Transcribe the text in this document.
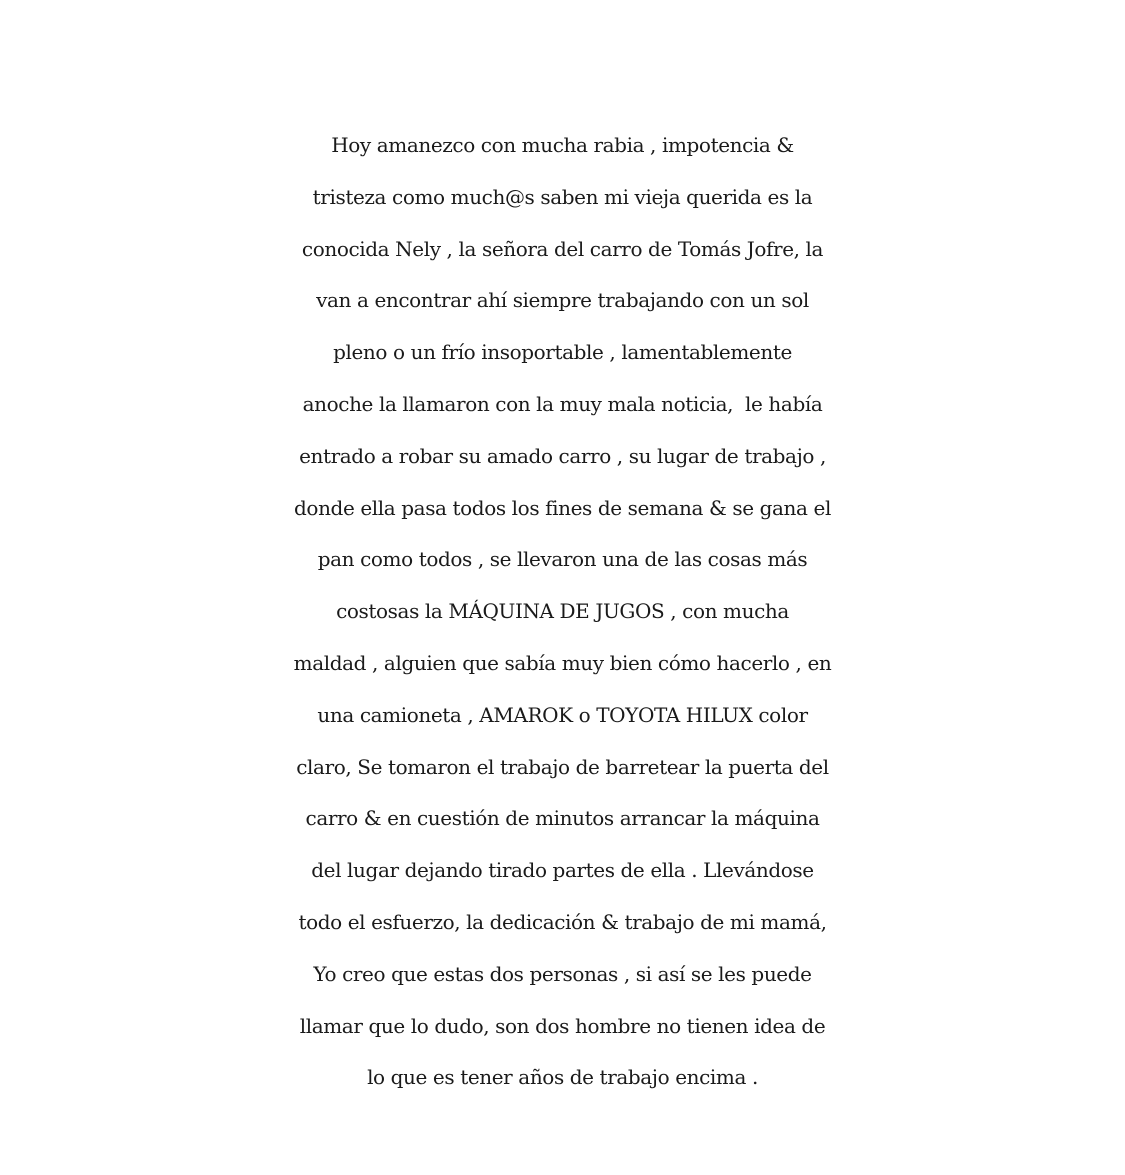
Hoy amanezco con mucha rabia , impotencia &
tristeza como much@s saben mi vieja querida es la
conocida Nely , la señora del carro de Tomás Jofre, la
van a encontrar ahí siempre trabajando con un sol
pleno o un frío insoportable , lamentablemente
anoche la llamaron con la muy mala noticia,  le había
entrado a robar su amado carro , su lugar de trabajo ,
donde ella pasa todos los fines de semana & se gana el
pan como todos , se llevaron una de las cosas más
costosas la MÁQUINA DE JUGOS , con mucha
maldad , alguien que sabía muy bien cómo hacerlo , en
una camioneta , AMAROK o TOYOTA HILUX color
claro, Se tomaron el trabajo de barretear la puerta del
carro & en cuestión de minutos arrancar la máquina
del lugar dejando tirado partes de ella . Llevándose
todo el esfuerzo, la dedicación & trabajo de mi mamá,
Yo creo que estas dos personas , si así se les puede
llamar que lo dudo, son dos hombre no tienen idea de
lo que es tener años de trabajo encima .
